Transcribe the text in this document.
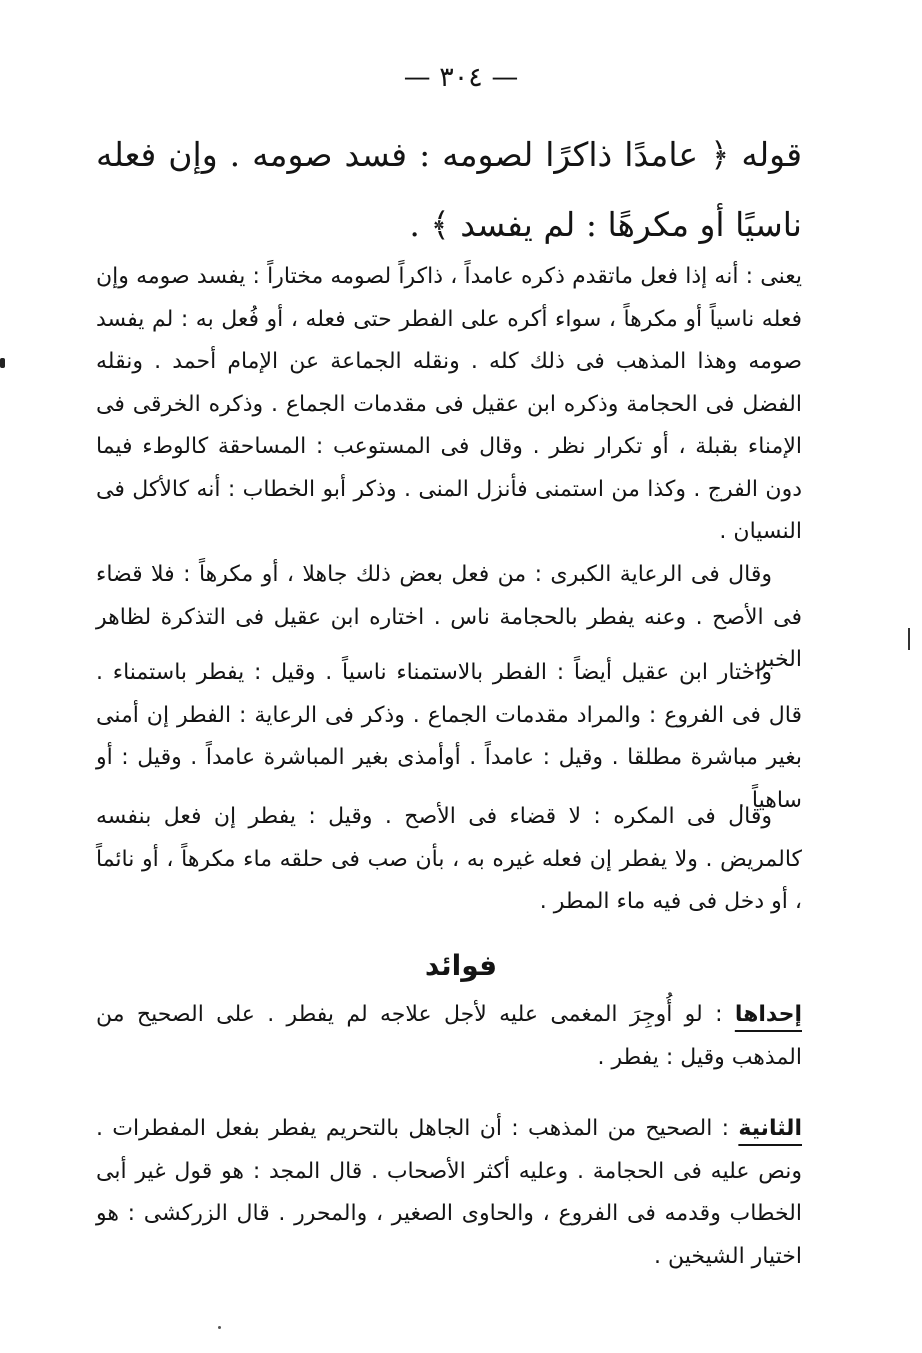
— ٣٠٤ —
قوله ﴿ عامدًا ذاكرًا لصومه : فسد صومه . وإن فعله ناسيًا أو مكرهًا : لم يفسد ﴾ .
يعنى : أنه إذا فعل ماتقدم ذكره عامداً ، ذاكراً لصومه مختاراً : يفسد صومه وإن فعله ناسياً أو مكرهاً ، سواء أكره على الفطر حتى فعله ، أو فُعل به : لم يفسد صومه وهذا المذهب فى ذلك كله . ونقله الجماعة عن الإمام أحمد . ونقله الفضل فى الحجامة وذكره ابن عقيل فى مقدمات الجماع . وذكره الخرقى فى الإمناء بقبلة ، أو تكرار نظر . وقال فى المستوعب : المساحقة كالوطء فيما دون الفرج . وكذا من استمنى فأنزل المنى . وذكر أبو الخطاب : أنه كالأكل فى النسيان .
وقال فى الرعاية الكبرى : من فعل بعض ذلك جاهلا ، أو مكرهاً : فلا قضاء فى الأصح . وعنه يفطر بالحجامة ناس . اختاره ابن عقيل فى التذكرة لظاهر الخبر .
واختار ابن عقيل أيضاً : الفطر بالاستمناء ناسياً . وقيل : يفطر باستمناء . قال فى الفروع : والمراد مقدمات الجماع . وذكر فى الرعاية : الفطر إن أمنى بغير مباشرة مطلقا . وقيل : عامداً . أوأمذى بغير المباشرة عامداً . وقيل : أو ساهياً .
وقال فى المكره : لا قضاء فى الأصح . وقيل : يفطر إن فعل بنفسه كالمريض . ولا يفطر إن فعله غيره به ، بأن صب فى حلقه ماء مكرهاً ، أو نائماً ، أو دخل فى فيه ماء المطر .
فوائد
إحداها : لو أُوجِرَ المغمى عليه لأجل علاجه لم يفطر . على الصحيح من المذهب وقيل : يفطر .
الثانية : الصحيح من المذهب : أن الجاهل بالتحريم يفطر بفعل المفطرات . ونص عليه فى الحجامة . وعليه أكثر الأصحاب . قال المجد : هو قول غير أبى الخطاب وقدمه فى الفروع ، والحاوى الصغير ، والمحرر . قال الزركشى : هو اختيار الشيخين .
